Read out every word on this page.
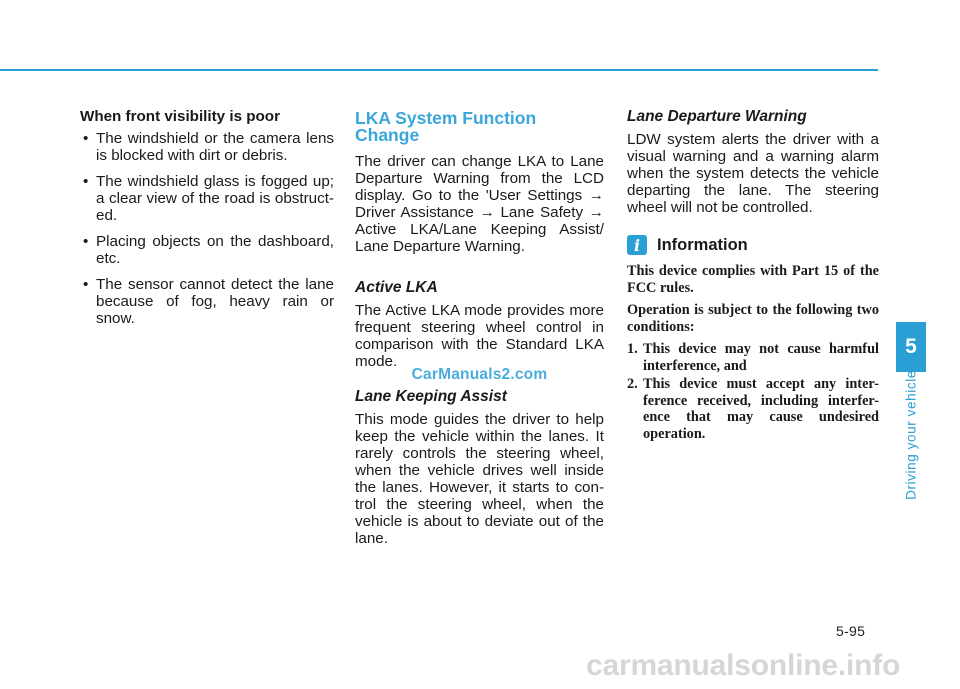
When front visibility is poor
• The windshield or the camera lens is blocked with dirt or debris.
• The windshield glass is fogged up; a clear view of the road is obstruct-ed.
• Placing objects on the dashboard, etc.
• The sensor cannot detect the lane because of fog, heavy rain or snow.
LKA System Function Change

The driver can change LKA to Lane Departure Warning from the LCD display. Go to the 'User Settings → Driver Assistance → Lane Safety → Active LKA/Lane Keeping Assist/ Lane Departure Warning.

Active LKA

The Active LKA mode provides more frequent steering wheel control in comparison with the Standard LKA mode.

CarManuals2.com
Lane Keeping Assist

This mode guides the driver to help keep the vehicle within the lanes. It rarely controls the steering wheel, when the vehicle drives well inside the lanes. However, it starts to con-trol the steering wheel, when the vehicle is about to deviate out of the lane.

Lane Departure Warning

LDW system alerts the driver with a visual warning and a warning alarm when the system detects the vehicle departing the lane. The steering wheel will not be controlled.

i	Information

This device complies with Part 15 of the FCC rules.

Operation is subject to the following two conditions:

1. This device may not cause harmful interference, and
2. This device must accept any inter-ference received, including interfer-ence that may cause undesired operation.
5
Driving your vehicle
5-95
carmanualsonline.info
